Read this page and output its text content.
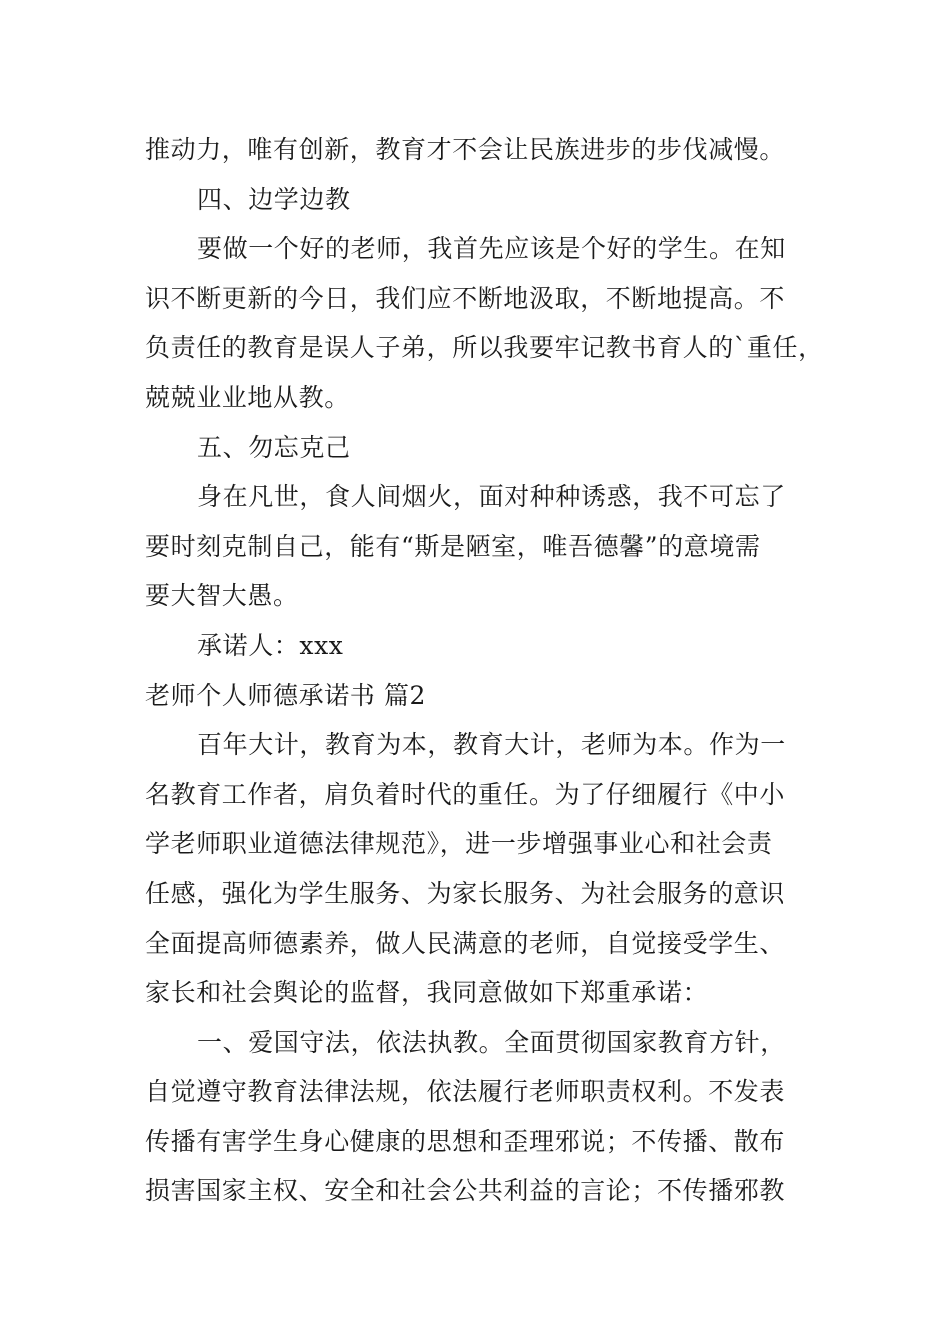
推动力，唯有创新，教育才不会让民族进步的步伐减慢。
四、边学边教
要做一个好的老师，我首先应该是个好的学生。在知
识不断更新的今日，我们应不断地汲取，不断地提高。不
负责任的教育是误人子弟，所以我要牢记教书育人的`重任，
兢兢业业地从教。
五、勿忘克己
身在凡世，食人间烟火，面对种种诱惑，我不可忘了
要时刻克制自己，能有“斯是陋室，唯吾德馨”的意境需
要大智大愚。
承诺人：xxx
老师个人师德承诺书 篇2
百年大计，教育为本，教育大计，老师为本。作为一
名教育工作者，肩负着时代的重任。为了仔细履行《中小
学老师职业道德法律规范》，进一步增强事业心和社会责
任感，强化为学生服务、为家长服务、为社会服务的意识
全面提高师德素养，做人民满意的老师，自觉接受学生、
家长和社会舆论的监督，我同意做如下郑重承诺：
一、爱国守法，依法执教。全面贯彻国家教育方针，
自觉遵守教育法律法规，依法履行老师职责权利。不发表
传播有害学生身心健康的思想和歪理邪说；不传播、散布
损害国家主权、安全和社会公共利益的言论；不传播邪教
